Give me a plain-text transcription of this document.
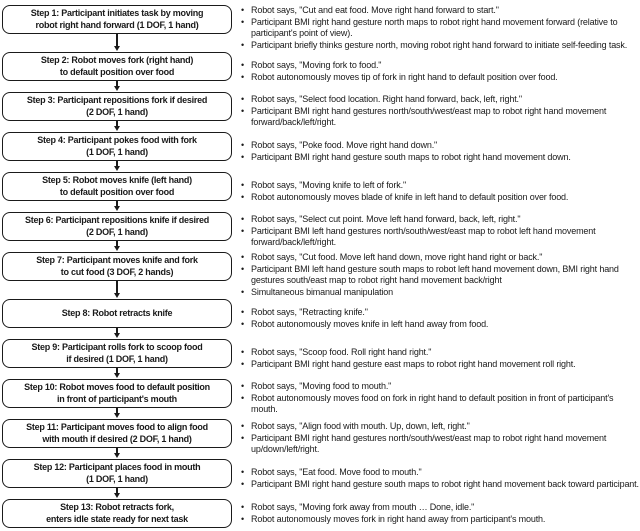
Step 1: Participant initiates task by moving
robot right hand forward (1 DOF, 1 hand)
• Robot says, "Cut and eat food. Move right hand forward to start."
• Participant BMI right hand gesture north maps to robot right hand movement forward (relative to participant's point of view).
• Participant briefly thinks gesture north, moving robot right hand forward to initiate self-feeding task.
Step 2: Robot moves fork (right hand)
to default position over food
• Robot says, "Moving fork to food."
• Robot autonomously moves tip of fork in right hand to default position over food.
Step 3: Participant repositions fork if desired
(2 DOF, 1 hand)
• Robot says, "Select food location. Right hand forward, back, left, right."
• Participant BMI right hand gestures north/south/west/east map to robot right hand movement forward/back/left/right.
Step 4: Participant pokes food with fork
(1 DOF, 1 hand)
• Robot says, "Poke food. Move right hand down."
• Participant BMI right hand gesture south maps to robot right hand movement down.
Step 5: Robot moves knife (left hand)
to default position over food
• Robot says, "Moving knife to left of fork."
• Robot autonomously moves blade of knife in left hand to default position over food.
Step 6: Participant repositions knife if desired
(2 DOF, 1 hand)
• Robot says, "Select cut point. Move left hand forward, back, left, right."
• Participant BMI left hand gestures north/south/west/east map to robot left hand movement forward/back/left/right.
Step 7: Participant moves knife and fork
to cut food (3 DOF, 2 hands)
• Robot says, "Cut food. Move left hand down, move right hand right or back."
• Participant BMI left hand gesture south maps to robot left hand movement down, BMI right hand gestures south/east map to robot right hand movement back/right
• Simultaneous bimanual manipulation
Step 8: Robot retracts knife	• Robot says, "Retracting knife."
• Robot autonomously moves knife in left hand away from food.
Step 9: Participant rolls fork to scoop food
if desired (1 DOF, 1 hand)
• Robot says, "Scoop food. Roll right hand right."
• Participant BMI right hand gesture east maps to robot right hand movement roll right.
Step 10: Robot moves food to default position
in front of participant's mouth
• Robot says, "Moving food to mouth."
• Robot autonomously moves food on fork in right hand to default position in front of participant's mouth.
Step 11: Participant moves food to align food
with mouth if desired (2 DOF, 1 hand)
• Robot says, "Align food with mouth. Up, down, left, right."
• Participant BMI right hand gestures north/south/west/east map to robot right hand movement up/down/left/right.
Step 12: Participant places food in mouth
(1 DOF, 1 hand)
• Robot says, "Eat food. Move food to mouth."
• Participant BMI right hand gesture south maps to robot right hand movement back toward participant.
Step 13: Robot retracts fork,
enters idle state ready for next task
• Robot says, "Moving fork away from mouth … Done, idle."
• Robot autonomously moves fork in right hand away from participant's mouth.
